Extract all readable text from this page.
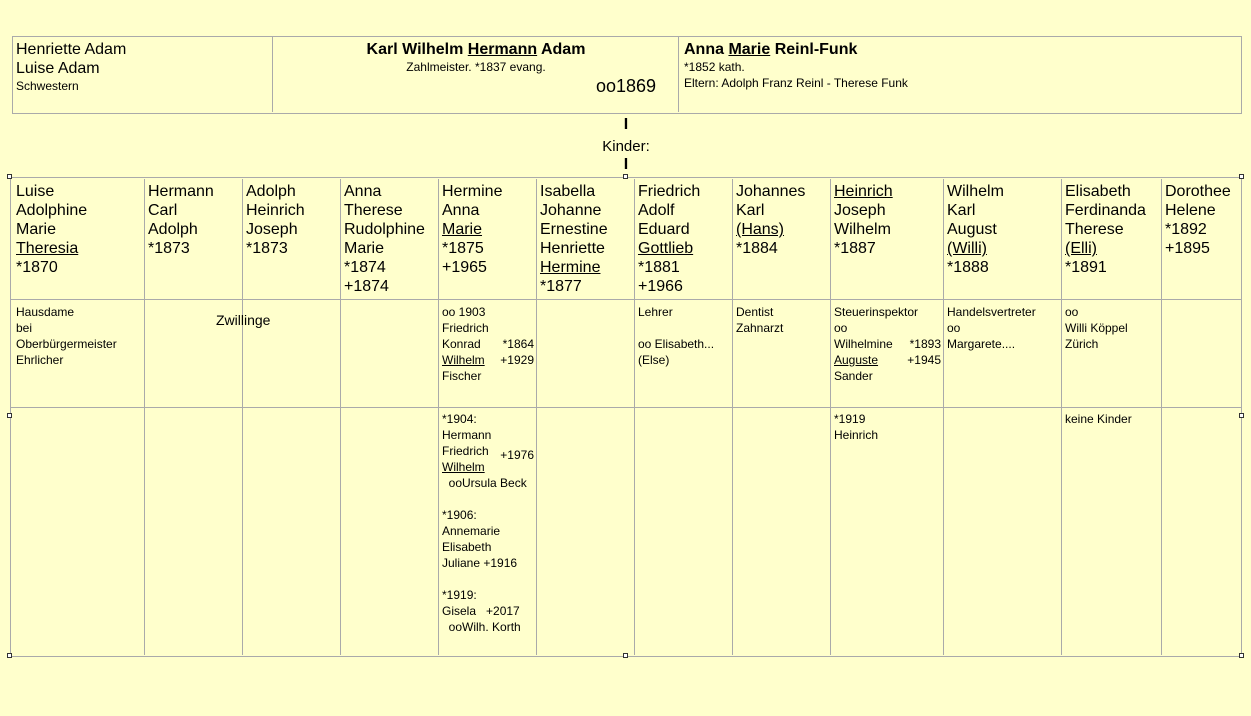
Henriette Adam
Luise Adam
Schwestern
Karl Wilhelm Hermann Adam
Zahlmeister. *1837 evang.
oo1869
Anna Marie Reinl-Funk
*1852 kath.
Eltern: Adolph Franz Reinl - Therese Funk
I
Kinder:
I
Luise
Adolphine
Marie
Theresia
*1870
Hausdame
bei
Oberbürgermeister
Ehrlicher
Hermann
Carl
Adolph
*1873
Adolph
Heinrich
Joseph
*1873
Anna
Therese
Rudolphine
Marie
*1874
+1874
Hermine
Anna
Marie
*1875
+1965
oo 1903
Friedrich
Konrad
Wilhelm
Fischer
*1864
+1929
*1904:
Hermann
Friedrich
Wilhelm
ooUrsula Beck

*1906:
Annemarie
Elisabeth
Juliane +1916

*1919:
Gisela   +2017
ooWilh. Korth
+1976
Isabella
Johanne
Ernestine
Henriette
Hermine
*1877
Friedrich
Adolf
Eduard
Gottlieb
*1881
+1966
Lehrer

oo Elisabeth...
(Else)
Johannes
Karl
(Hans)
*1884
Dentist
Zahnarzt
Heinrich
Joseph
Wilhelm
*1887
Steuerinspektor
oo
Wilhelmine
Auguste
Sander
*1893
+1945
*1919
Heinrich
Wilhelm
Karl
August
(Willi)
*1888
Handelsvertreter
oo
Margarete....
Elisabeth
Ferdinanda
Therese
(Elli)
*1891
oo
Willi Köppel
Zürich
keine Kinder
Dorothee
Helene
*1892
+1895
Zwillinge
